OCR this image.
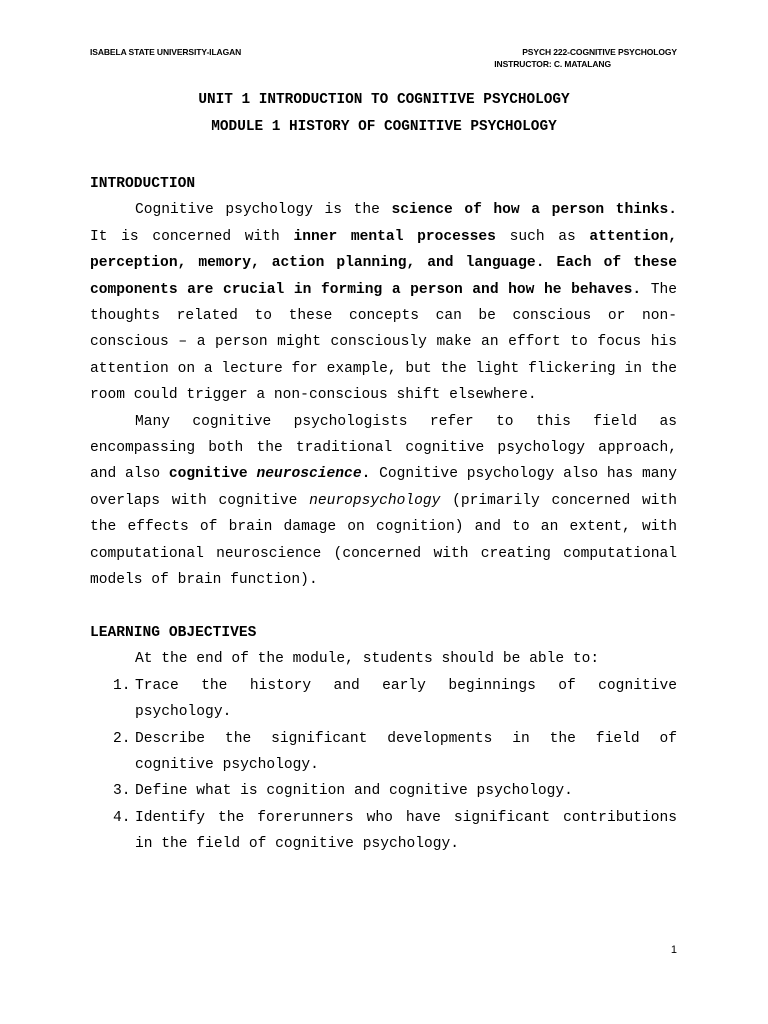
ISABELA STATE UNIVERSITY-ILAGAN	PSYCH 222-COGNITIVE PSYCHOLOGY
INSTRUCTOR: C. MATALANG
UNIT 1 INTRODUCTION TO COGNITIVE PSYCHOLOGY
MODULE 1 HISTORY OF COGNITIVE PSYCHOLOGY
INTRODUCTION

Cognitive psychology is the science of how a person thinks. It is concerned with inner mental processes such as attention, perception, memory, action planning, and language. Each of these components are crucial in forming a person and how he behaves. The thoughts related to these concepts can be conscious or non-conscious – a person might consciously make an effort to focus his attention on a lecture for example, but the light flickering in the room could trigger a non-conscious shift elsewhere.

Many cognitive psychologists refer to this field as encompassing both the traditional cognitive psychology approach, and also cognitive neuroscience. Cognitive psychology also has many overlaps with cognitive neuropsychology (primarily concerned with the effects of brain damage on cognition) and to an extent, with computational neuroscience (concerned with creating computational models of brain function).

LEARNING OBJECTIVES

At the end of the module, students should be able to:

1. Trace the history and early beginnings of cognitive psychology.
2. Describe the significant developments in the field of cognitive psychology.
3. Define what is cognition and cognitive psychology.
4. Identify the forerunners who have significant contributions in the field of cognitive psychology.
1
